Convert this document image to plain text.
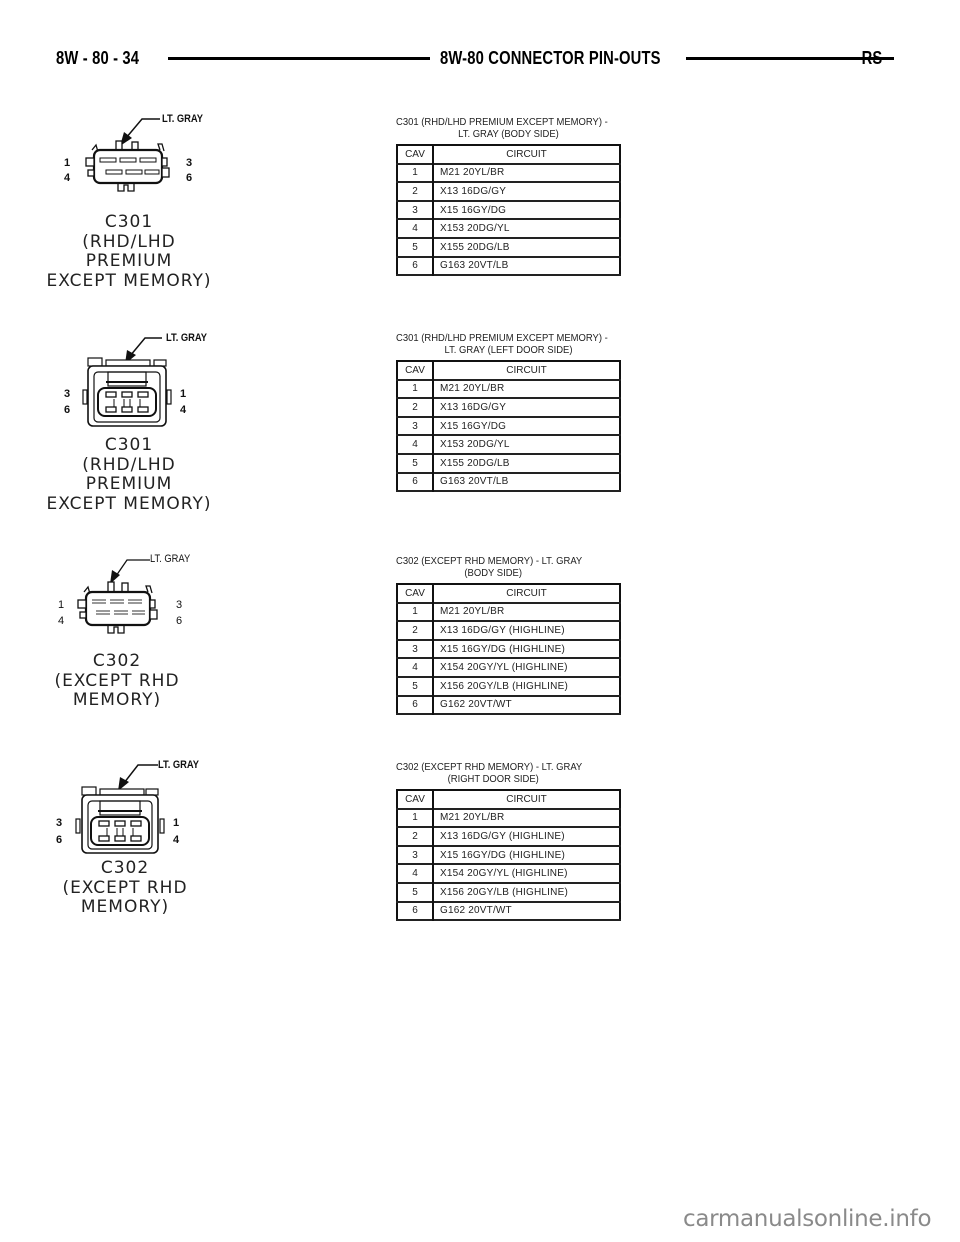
8W - 80 - 34	8W-80 CONNECTOR PIN-OUTS	RS
LT. GRAY
1
4
3
6
C301
(RHD/LHD
PREMIUM
EXCEPT MEMORY)
C301 (RHD/LHD PREMIUM EXCEPT MEMORY) -
LT. GRAY (BODY SIDE)
CAV	CIRCUIT
1	M21 20YL/BR
2	X13 16DG/GY
3	X15 16GY/DG
4	X153 20DG/YL
5	X155 20DG/LB
6	G163 20VT/LB
LT. GRAY
3
6
1
4
C301
(RHD/LHD
PREMIUM
EXCEPT MEMORY)
C301 (RHD/LHD PREMIUM EXCEPT MEMORY) -
LT. GRAY (LEFT DOOR SIDE)
CAV	CIRCUIT
1	M21 20YL/BR
2	X13 16DG/GY
3	X15 16GY/DG
4	X153 20DG/YL
5	X155 20DG/LB
6	G163 20VT/LB
LT. GRAY
1
4
3
6
C302
(EXCEPT RHD
MEMORY)
C302 (EXCEPT RHD MEMORY) - LT. GRAY
(BODY SIDE)
CAV	CIRCUIT
1	M21 20YL/BR
2	X13 16DG/GY (HIGHLINE)
3	X15 16GY/DG (HIGHLINE)
4	X154 20GY/YL (HIGHLINE)
5	X156 20GY/LB (HIGHLINE)
6	G162 20VT/WT
LT. GRAY
3
6
1
4
C302
(EXCEPT RHD
MEMORY)
C302 (EXCEPT RHD MEMORY) - LT. GRAY
(RIGHT DOOR SIDE)
CAV	CIRCUIT
1	M21 20YL/BR
2	X13 16DG/GY (HIGHLINE)
3	X15 16GY/DG (HIGHLINE)
4	X154 20GY/YL (HIGHLINE)
5	X156 20GY/LB (HIGHLINE)
6	G162 20VT/WT
carmanualsonline.info
